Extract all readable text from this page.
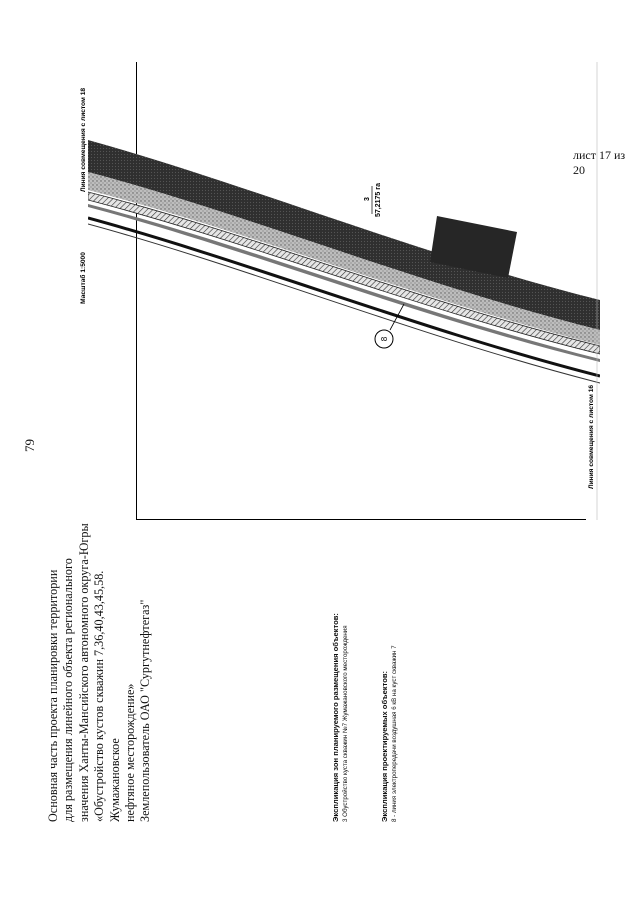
79
лист 17 из 20
Основная часть проекта планировки территории для размещения линейного объекта регионального значения Ханты-Мансийского автономного округа-Югры «Обустройство кустов скважин 7,36,40,43,45,58. Жумажановское нефтяное месторождение» Землепользователь ОАО "Сургутнефтегаз"	Экспликация зон планируемого размещения объектов: 3 Обустройство куста скважин №7 Жумажановского месторождения	Экспликация проектируемых объектов: 8 - линия электропередачи воздушная 6 кВ на куст скважин 7
8
3 57,2175 га
Масштаб 1:5000
Линия совмещения с листом 18
Линия совмещения с листом 16
